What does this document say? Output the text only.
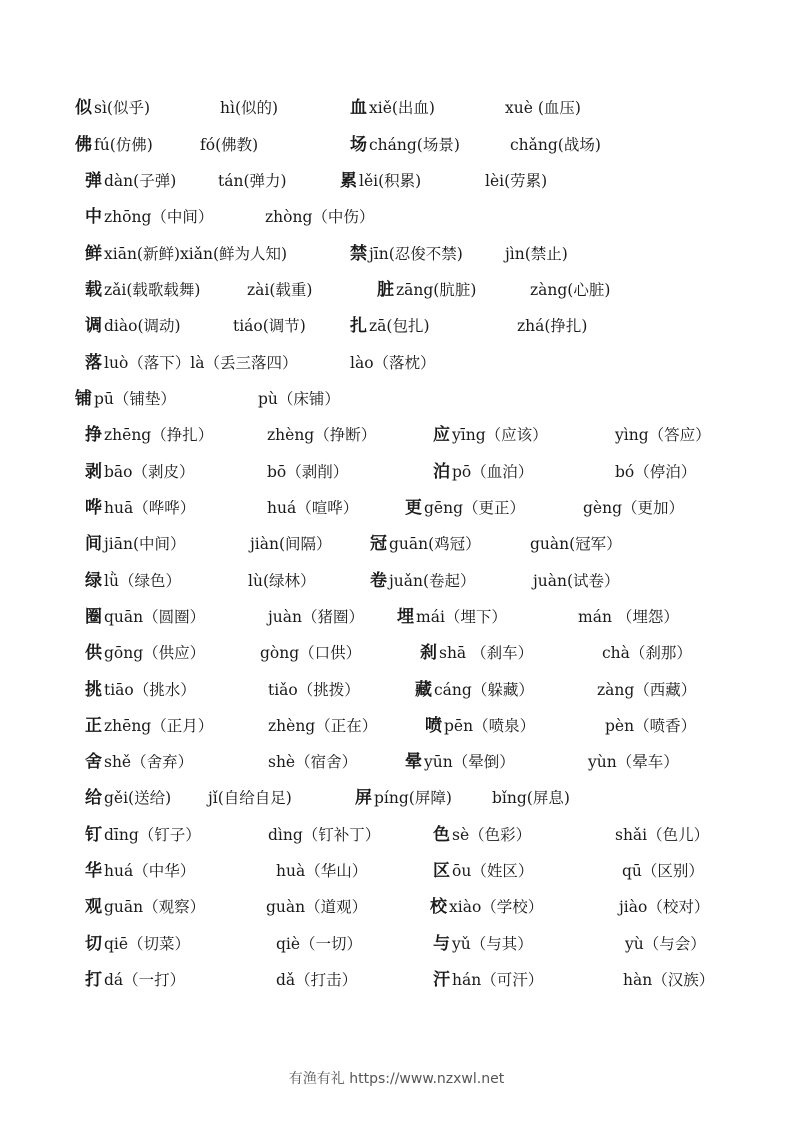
似 sì(似乎)	hì(似的)	血 xiě(出血)	xuè (血压)
佛 fú(仿佛)	fó(佛教)	场 cháng(场景)	chǎng(战场)
弹 dàn(子弹)	tán(弹力)	累 lěi(积累)	lèi(劳累)
中 zhōng（中间）	zhòng（中伤）
鲜 xiān(新鲜)xiǎn(鲜为人知)	禁 jīn(忍俊不禁)	jìn(禁止)
载 zǎi(载歌载舞)	zài(载重)	脏 zāng(肮脏)	zàng(心脏)
调 diào(调动)	tiáo(调节)	扎 zā(包扎)	zhá(挣扎)
落 luò（落下）là（丢三落四）	lào（落枕）
铺 pū（铺垫）	pù（床铺）
挣 zhēng（挣扎）	zhèng（挣断）	应 yīng（应该）	yìng（答应）
剥 bāo（剥皮）	bō（剥削）	泊 pō（血泊）	bó（停泊）
哗 huā（哗哗）	huá（喧哗）	更 gēng（更正）	gèng（更加）
间 jiān(中间）	jiàn(间隔） 冠 guān(鸡冠）	guàn(冠军）
绿 lǜ（绿色）	lù(绿林）	卷 juǎn(卷起）	juàn(试卷）
圈 quān（圆圈）	juàn（猪圈） 埋 mái（埋下）	mán （埋怨）
供 gōng（供应）	gòng（口供）	刹 shā （刹车）	chà（刹那）
挑 tiāo（挑水）	tiǎo（挑拨）	藏 cáng（躲藏）	zàng（西藏）
正 zhēng（正月）	zhèng（正在）	喷 pēn（喷泉）	pèn（喷香）
舍 shě（舍弃）	shè（宿舍）	晕 yūn（晕倒）	yùn（晕车）
给 gěi(送给) jǐ(自给自足)	屏 píng(屏障)	bǐng(屏息)
钉 dīng（钉子）	dìng（钉补丁）	色 sè（色彩）	shǎi（色儿）
华 huá（中华）	huà（华山）	区 ōu（姓区）	qū（区别）
观 guān（观察）	guàn（道观）	校 xiào（学校）	jiào（校对）
切 qiē（切菜）	qiè（一切）	与 yǔ（与其）	yù（与会）
打 dá（一打）	dǎ（打击）	汗 hán（可汗）	hàn（汉族）
有渔有礼 https://www.nzxwl.net
